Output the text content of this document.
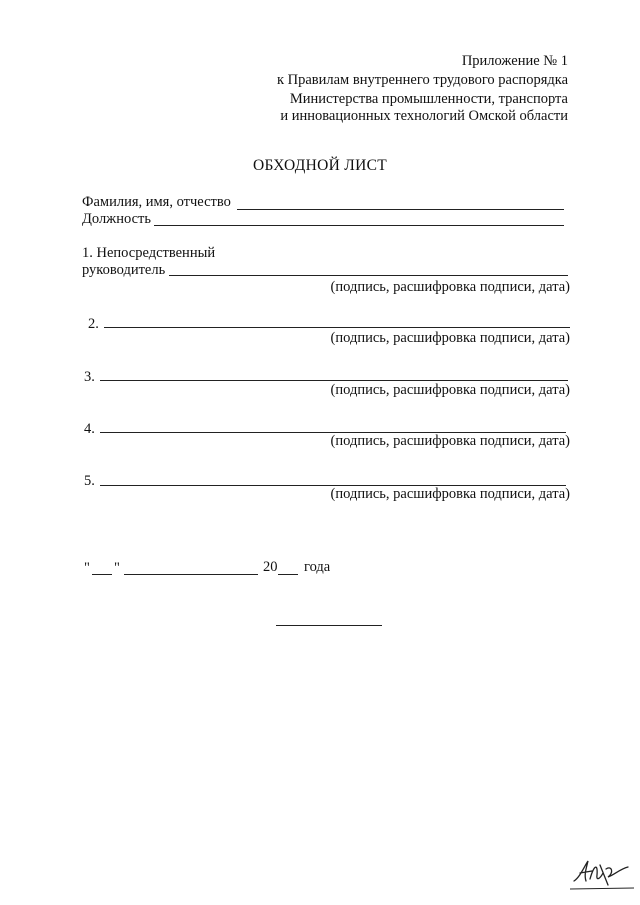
Приложение № 1
к Правилам внутреннего трудового распорядка
Министерства промышленности, транспорта
и инновационных технологий Омской области
ОБХОДНОЙ ЛИСТ
Фамилия, имя, отчество
Должность
1. Непосредственный
руководитель
(подпись, расшифровка подписи, дата)
2.
(подпись, расшифровка подписи, дата)
3.
(подпись, расшифровка подписи, дата)
4.
(подпись, расшифровка подписи, дата)
5.
(подпись, расшифровка подписи, дата)
" "	20 года
